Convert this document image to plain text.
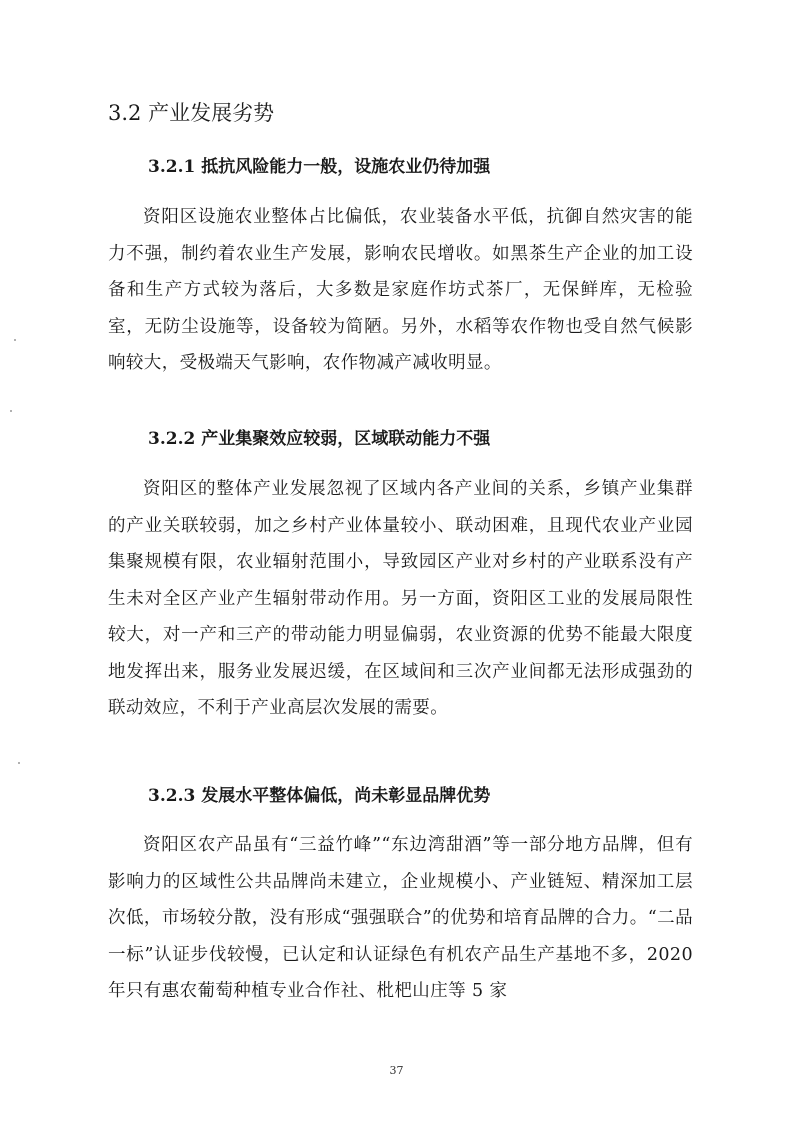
3.2 产业发展劣势
3.2.1 抵抗风险能力一般，设施农业仍待加强

资阳区设施农业整体占比偏低，农业装备水平低，抗御自然灾害的能力不强，制约着农业生产发展，影响农民增收。如黑茶生产企业的加工设备和生产方式较为落后，大多数是家庭作坊式茶厂，无保鲜库，无检验室，无防尘设施等，设备较为简陋。另外，水稻等农作物也受自然气候影响较大，受极端天气影响，农作物减产减收明显。

3.2.2 产业集聚效应较弱，区域联动能力不强

资阳区的整体产业发展忽视了区域内各产业间的关系，乡镇产业集群的产业关联较弱，加之乡村产业体量较小、联动困难，且现代农业产业园集聚规模有限，农业辐射范围小，导致园区产业对乡村的产业联系没有产生未对全区产业产生辐射带动作用。另一方面，资阳区工业的发展局限性较大，对一产和三产的带动能力明显偏弱，农业资源的优势不能最大限度地发挥出来，服务业发展迟缓，在区域间和三次产业间都无法形成强劲的联动效应，不利于产业高层次发展的需要。

3.2.3 发展水平整体偏低，尚未彰显品牌优势

资阳区农产品虽有“三益竹峰”“东边湾甜酒”等一部分地方品牌，但有影响力的区域性公共品牌尚未建立，企业规模小、产业链短、精深加工层次低，市场较分散，没有形成“强强联合”的优势和培育品牌的合力。“二品一标”认证步伐较慢，已认定和认证绿色有机农产品生产基地不多，2020 年只有惠农葡萄种植专业合作社、枇杷山庄等 5 家

37
